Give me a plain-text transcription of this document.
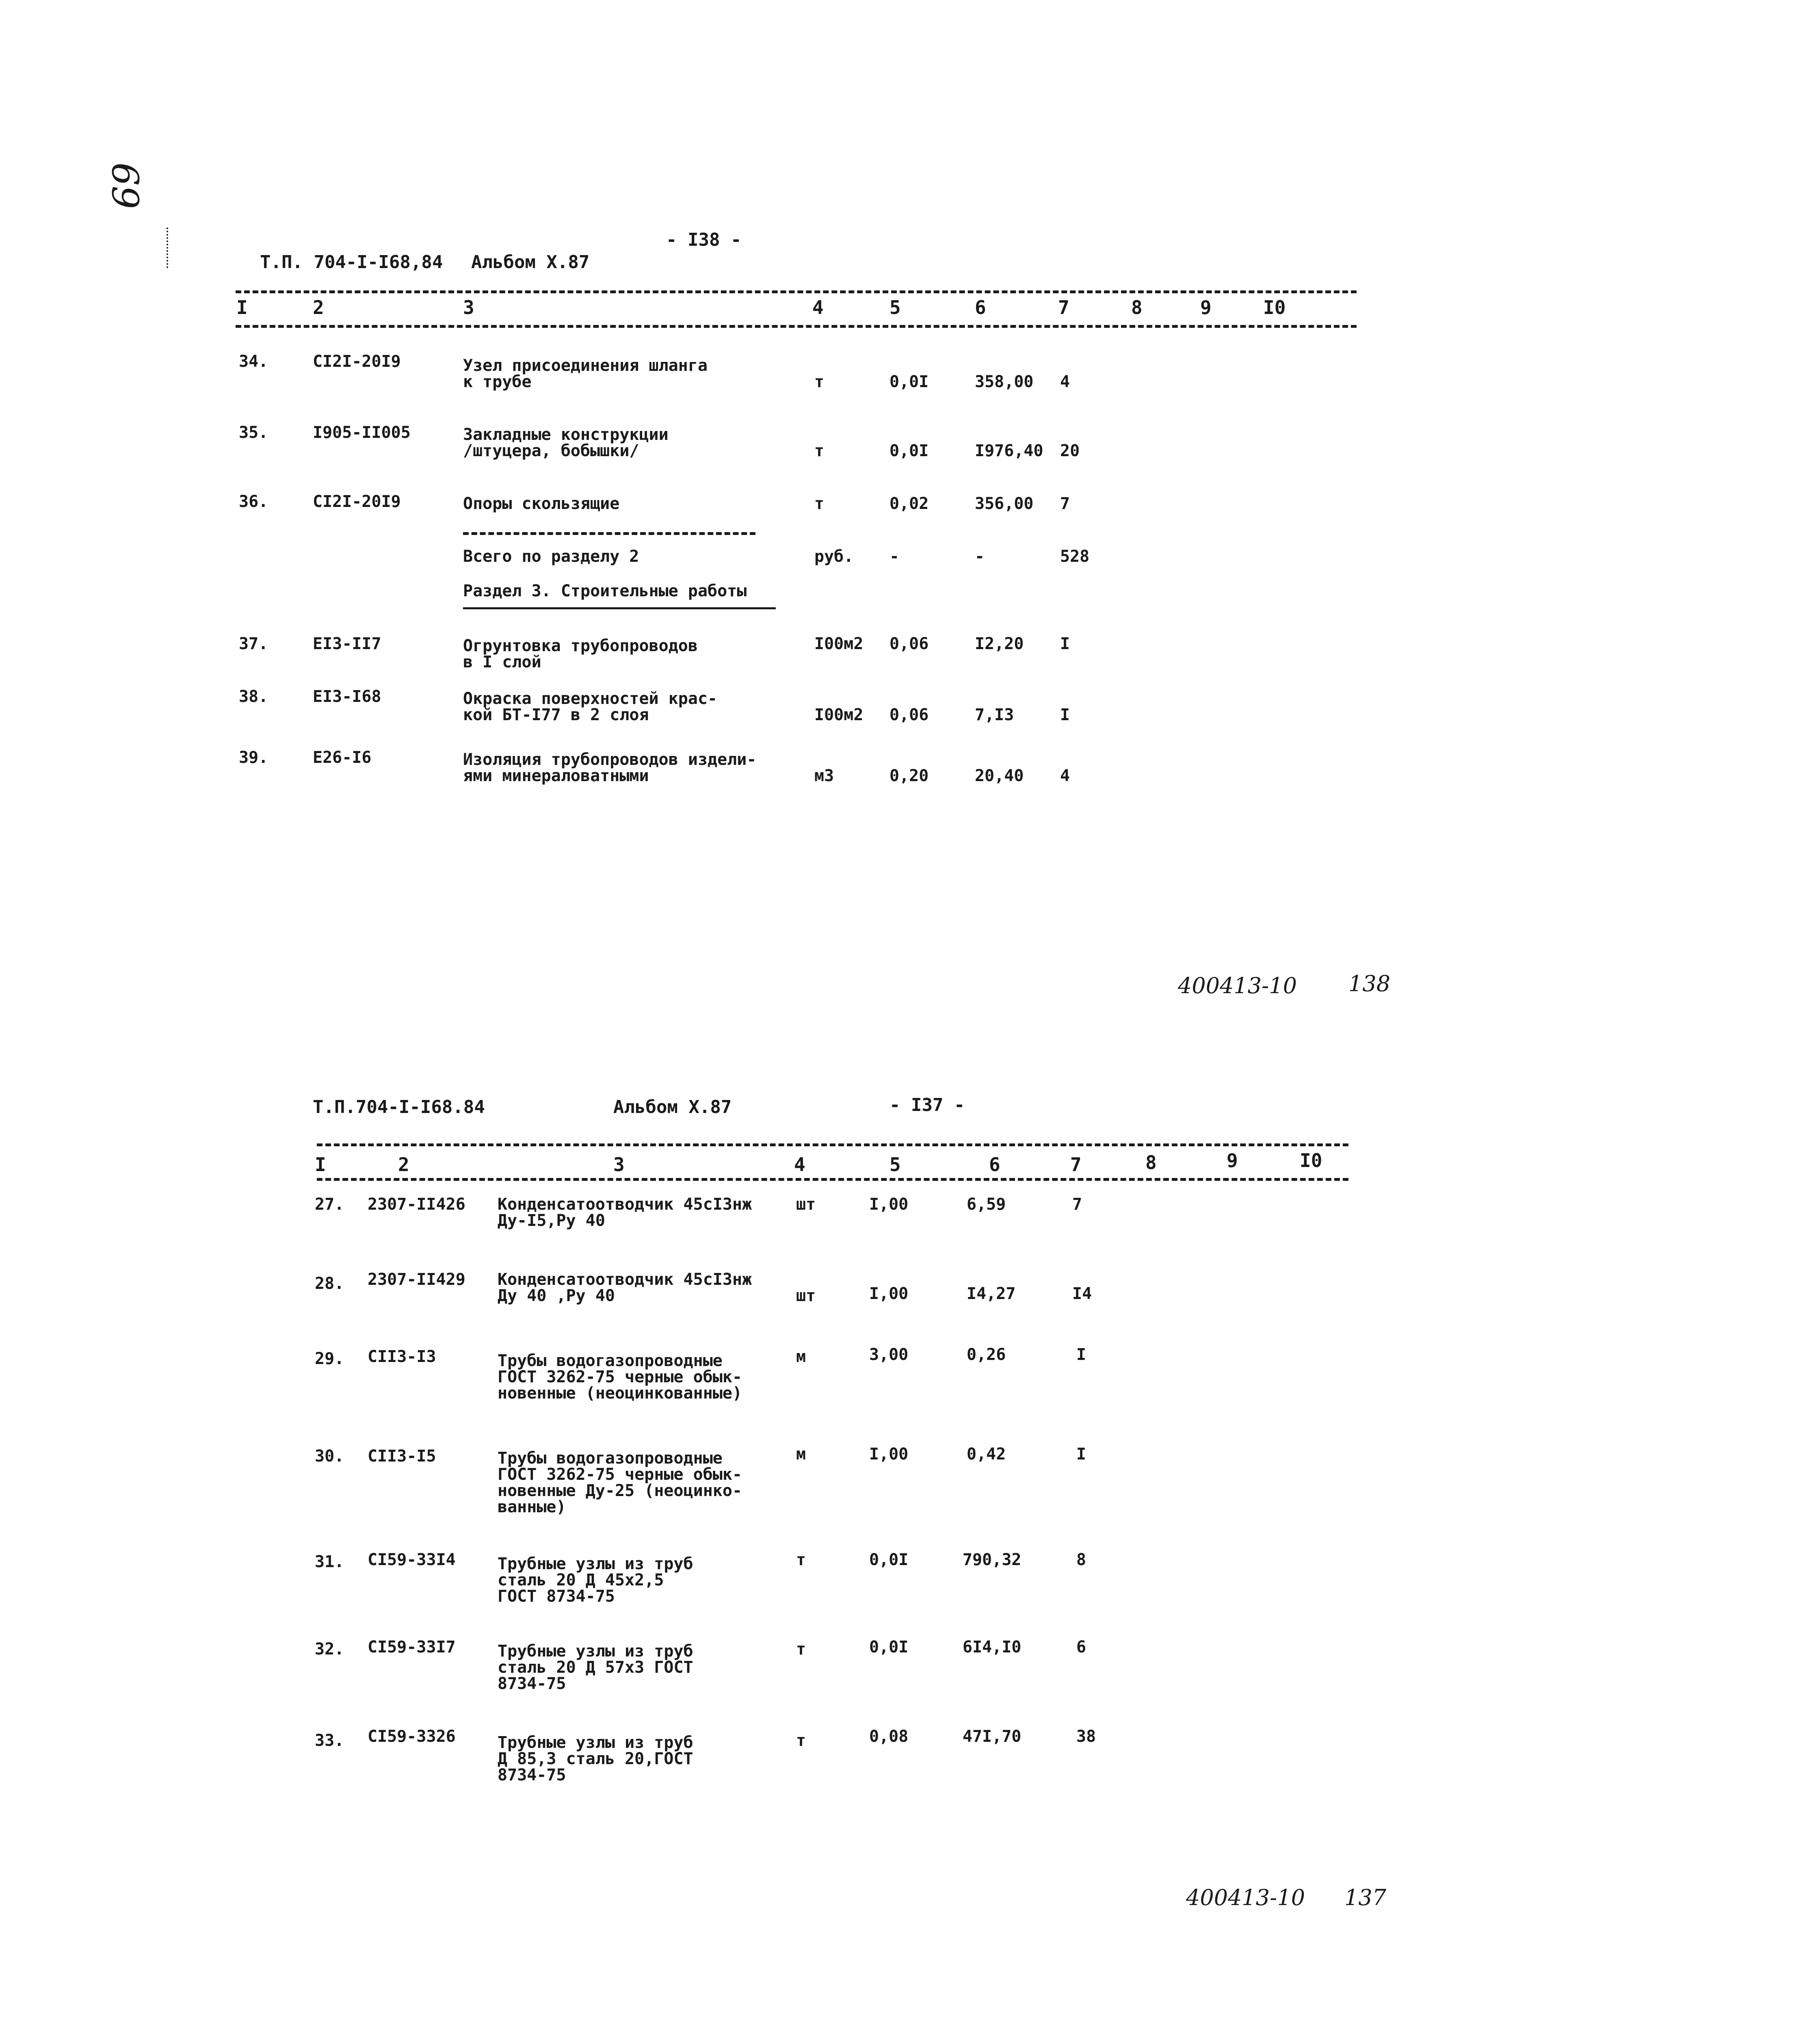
69
Т.П. 704-I-I68,84 Альбом X.87
- I38 -
I	2	3	4	5	6	7	8	9	I0
34.	CI2I-20I9	Узел присоединения шланга
к трубе	т	0,0I	358,00 4
35.	I905-II005	Закладные конструкции
/штуцера, бобышки/	т	0,0I	I976,40 20
36.	CI2I-20I9	Опоры скользящие	т	0,02	356,00 7
Всего по разделу 2	руб. -	-	528
Раздел 3. Строительные работы
37.	EI3-II7	Огрунтовка трубопроводов
в I слой
I00м2 0,06	I2,20 I
38.	EI3-I68	Окраска поверхностей крас-
кой БТ-I77 в 2 слоя	I00м2 0,06	7,I3	I
39.	E26-I6	Изоляция трубопроводов издели-
ями минераловатными	м3	0,20	20,40 4
400413-10 138
Т.П.704-I-I68.84	Альбом X.87	- I37 -
I	2	3	4	5	6	7	8	9	I0
27. 2307-II426 Конденсатоотводчик 45сI3нж
Ду-I5,Ру 40
шт	I,00	6,59	7
28. 2307-II429 Конденсатоотводчик 45сI3нж
Ду 40 ,Ру 40	шт	I,00	I4,27	I4
29. CII3-I3	Трубы водогазопроводные
ГОСТ 3262-75 черные обык-
новенные (неоцинкованные)
м	3,00	0,26	I
30. CII3-I5	Трубы водогазопроводные
ГОСТ 3262-75 черные обык-
новенные Ду-25 (неоцинко-
ванные)
м	I,00	0,42	I
31. CI59-33I4	Трубные узлы из труб
сталь 20 Д 45x2,5
ГОСТ 8734-75
т	0,0I	790,32	8
32. CI59-33I7	Трубные узлы из труб
сталь 20 Д 57x3 ГОСТ
8734-75
т	0,0I	6I4,I0	6
33. CI59-3326	Трубные узлы из труб
Д 85,3 сталь 20,ГОСТ
8734-75
т	0,08	47I,70	38
400413-10 137
